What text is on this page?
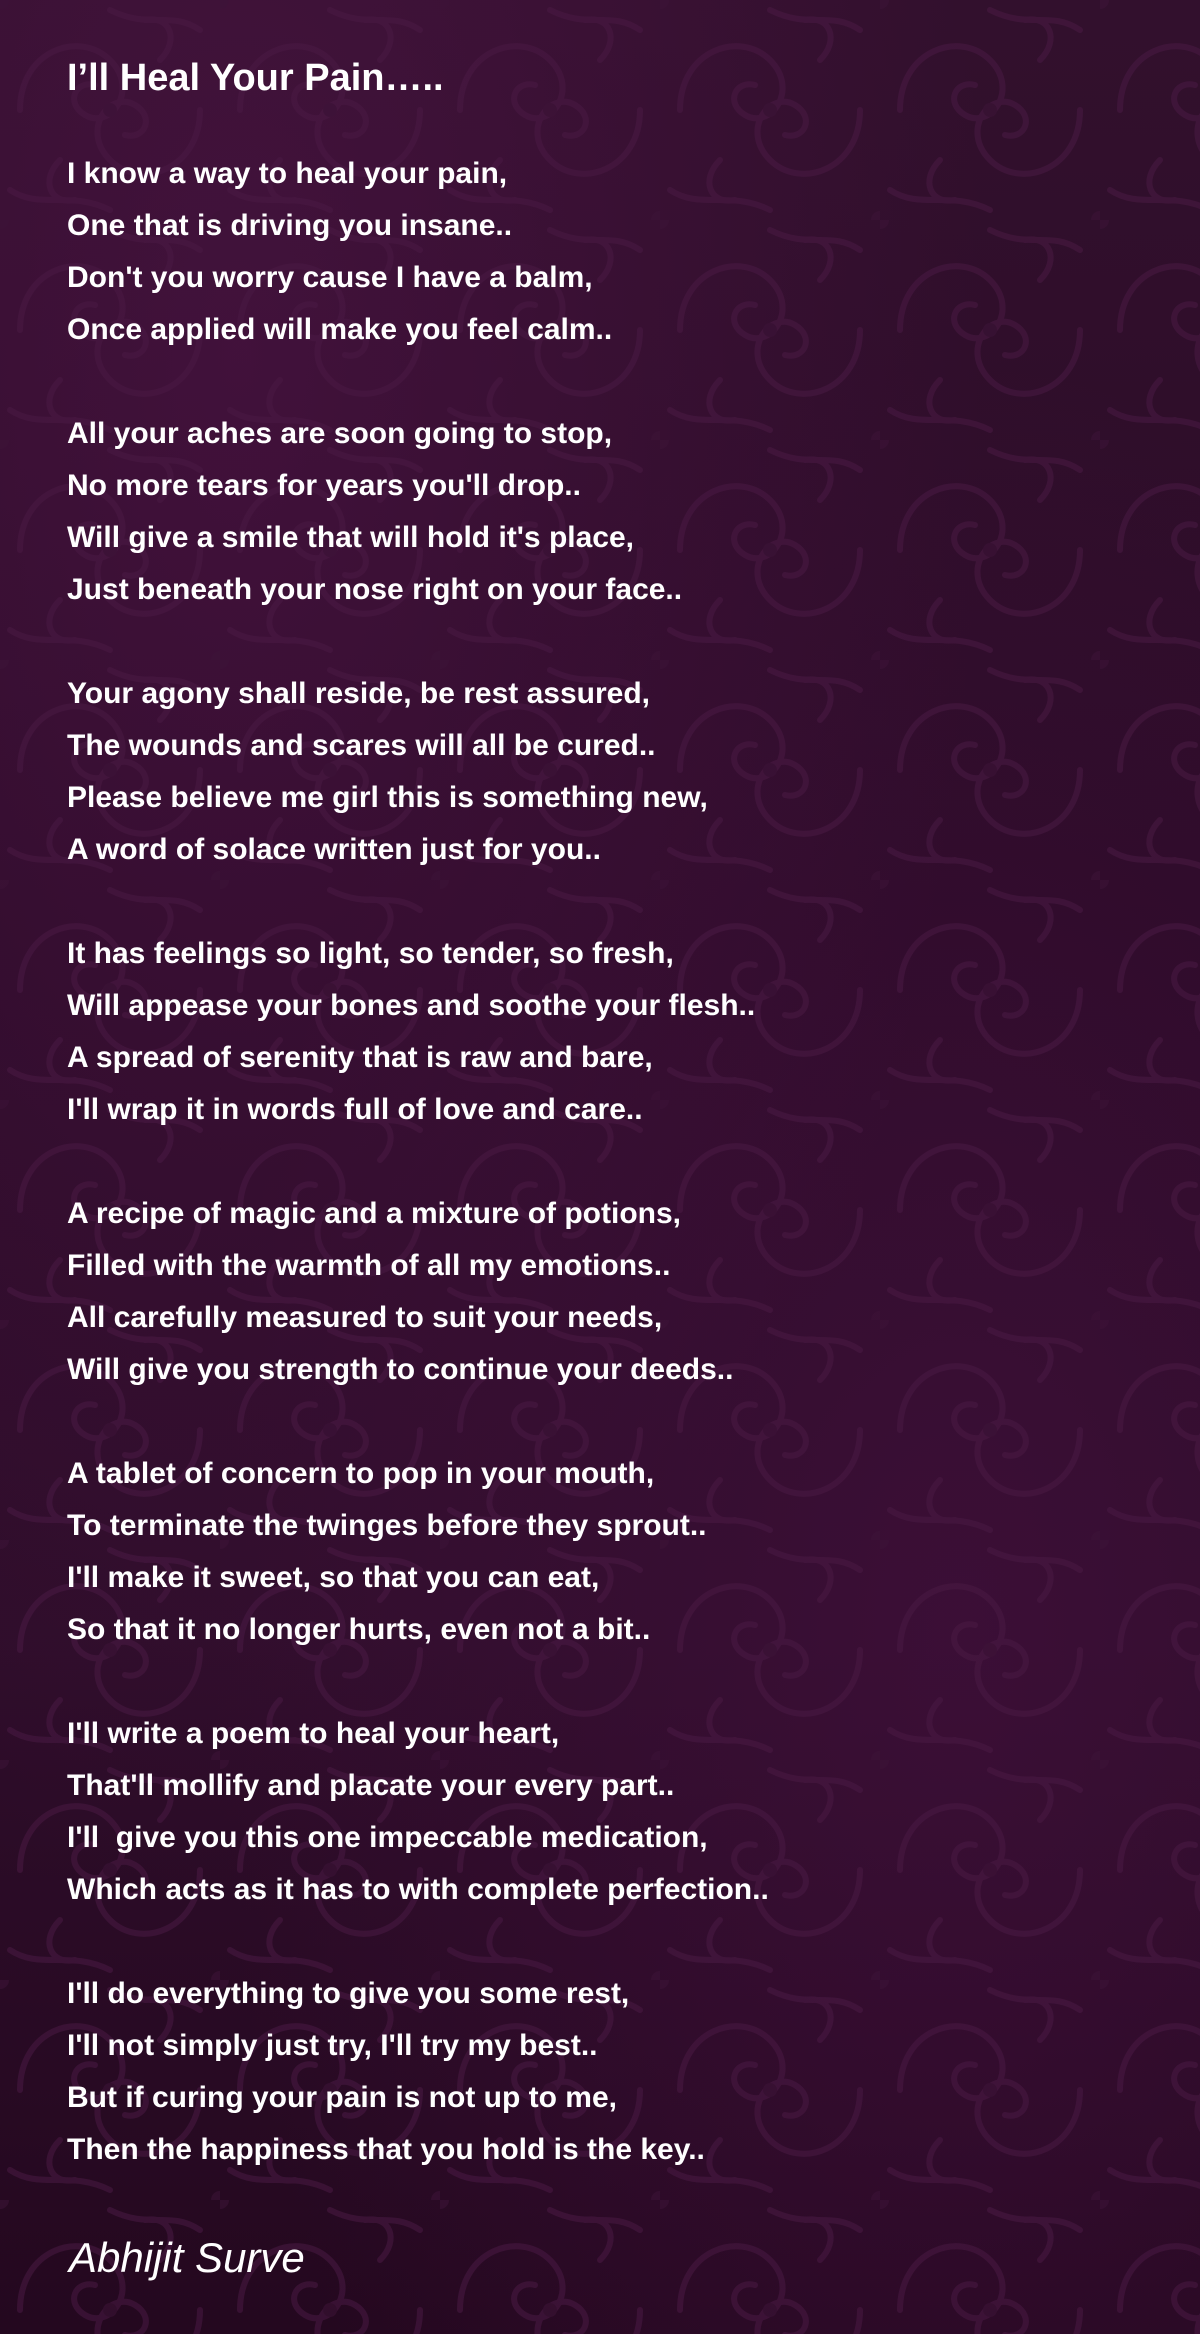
I’ll Heal Your Pain…..
I know a way to heal your pain,
One that is driving you insane..
Don't you worry cause I have a balm,
Once applied will make you feel calm..
All your aches are soon going to stop,
No more tears for years you'll drop..
Will give a smile that will hold it's place,
Just beneath your nose right on your face..
Your agony shall reside, be rest assured,
The wounds and scares will all be cured..
Please believe me girl this is something new,
A word of solace written just for you..
It has feelings so light, so tender, so fresh,
Will appease your bones and soothe your flesh..
A spread of serenity that is raw and bare,
I'll wrap it in words full of love and care..
A recipe of magic and a mixture of potions,
Filled with the warmth of all my emotions..
All carefully measured to suit your needs,
Will give you strength to continue your deeds..
A tablet of concern to pop in your mouth,
To terminate the twinges before they sprout..
I'll make it sweet, so that you can eat,
So that it no longer hurts, even not a bit..
I'll write a poem to heal your heart,
That'll mollify and placate your every part..
I'll  give you this one impeccable medication,
Which acts as it has to with complete perfection..
I'll do everything to give you some rest,
I'll not simply just try, I'll try my best..
But if curing your pain is not up to me,
Then the happiness that you hold is the key..
Abhijit Surve
